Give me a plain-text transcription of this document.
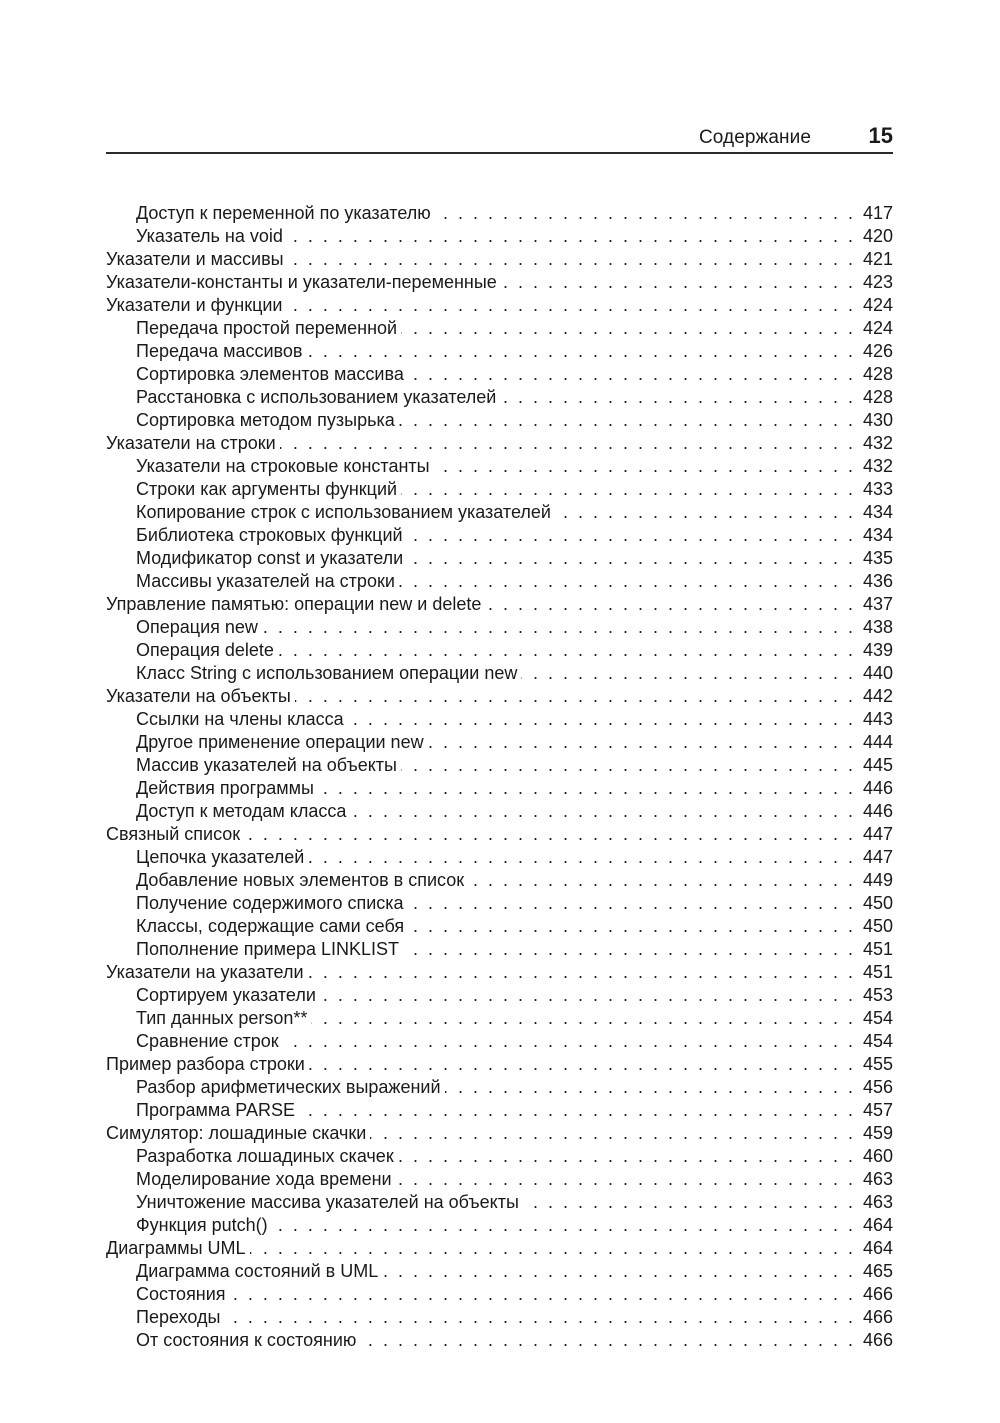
Содержание	15
Доступ к переменной по указателю . . .	417
Указатель на void . . .	420
Указатели и массивы . . .	421
Указатели-константы и указатели-переменные . . .	423
Указатели и функции . . .	424
Передача простой переменной . . .	424
Передача массивов . . .	426
Сортировка элементов массива . . .	428
Расстановка с использованием указателей . . .	428
Сортировка методом пузырька . . .	430
Указатели на строки . . .	432
Указатели на строковые константы . . .	432
Строки как аргументы функций . . .	433
Копирование строк с использованием указателей . . .	434
Библиотека строковых функций . . .	434
Модификатор const и указатели . . .	435
Массивы указателей на строки . . .	436
Управление памятью: операции new и delete . . .	437
Операция new . . .	438
Операция delete . . .	439
Класс String с использованием операции new . . .	440
Указатели на объекты . . .	442
Ссылки на члены класса . . .	443
Другое применение операции new . . .	444
Массив указателей на объекты . . .	445
Действия программы . . .	446
Доступ к методам класса . . .	446
Связный список . . .	447
Цепочка указателей . . .	447
Добавление новых элементов в список . . .	449
Получение содержимого списка . . .	450
Классы, содержащие сами себя . . .	450
Пополнение примера LINKLIST . . .	451
Указатели на указатели . . .	451
Сортируем указатели . . .	453
Тип данных person** . . .	454
Сравнение строк . . .	454
Пример разбора строки . . .	455
Разбор арифметических выражений . . .	456
Программа PARSE . . .	457
Симулятор: лошадиные скачки . . .	459
Разработка лошадиных скачек . . .	460
Моделирование хода времени . . .	463
Уничтожение массива указателей на объекты . . .	463
Функция putch() . . .	464
Диаграммы UML . . .	464
Диаграмма состояний в UML . . .	465
Состояния . . .	466
Переходы . . .	466
От состояния к состоянию . . .	466
